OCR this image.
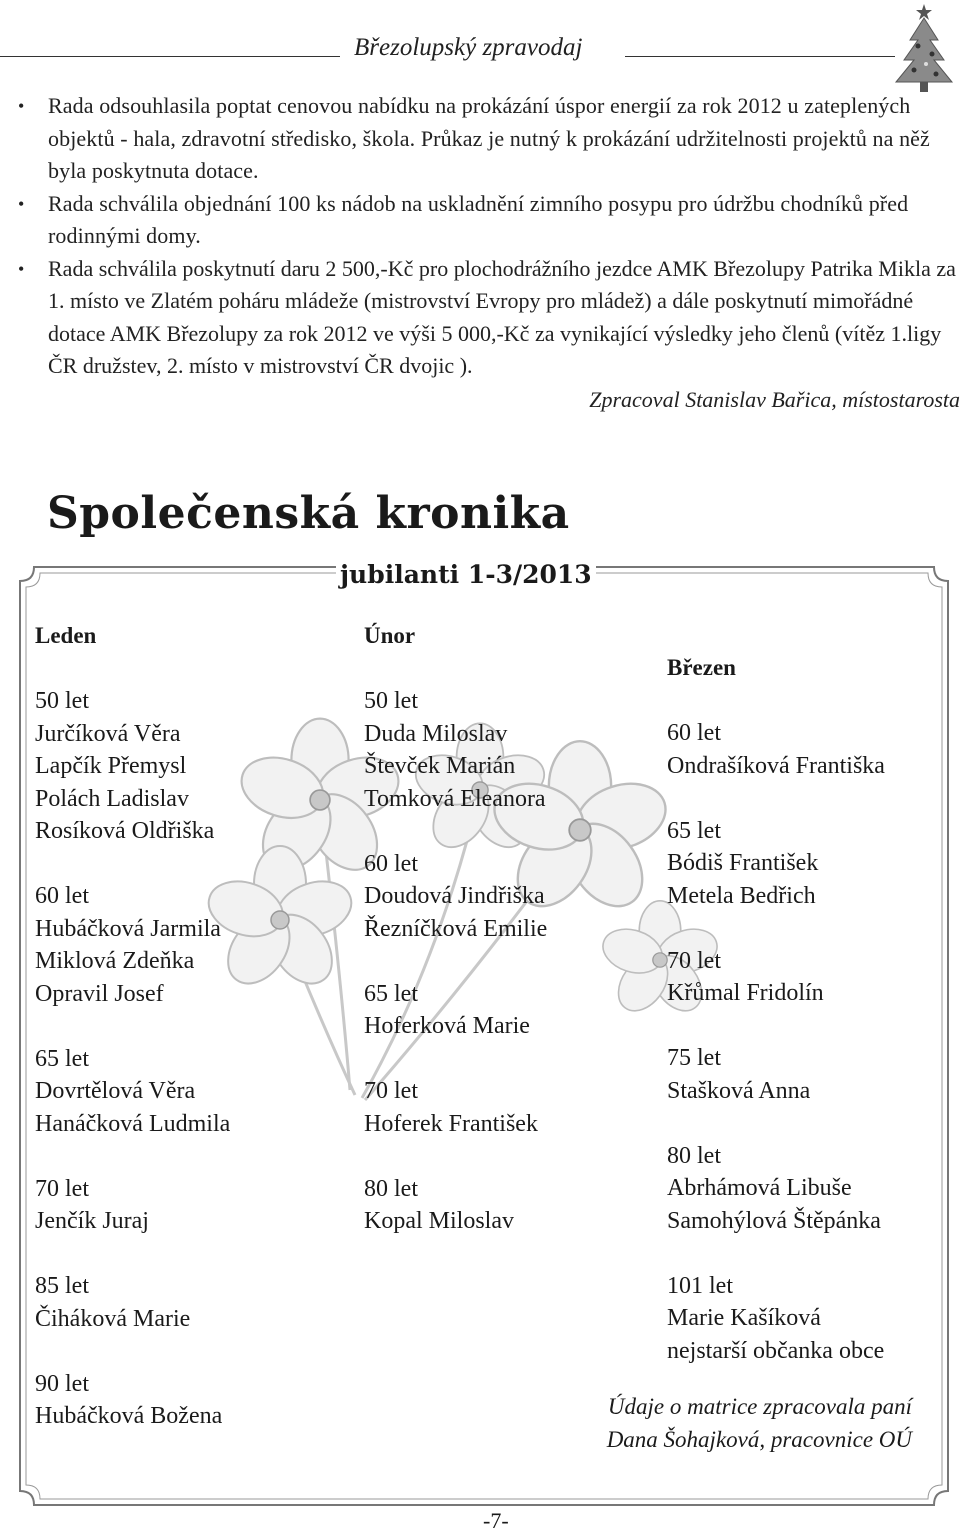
Březolupský zpravodaj
• Rada odsouhlasila poptat cenovou nabídku na prokázání úspor energií za rok 2012 u zateplených objektů - hala, zdravotní středisko, škola. Průkaz je nutný k prokázání udržitelnosti projektů na něž byla poskytnuta dotace.
• Rada schválila objednání 100 ks nádob na uskladnění zimního posypu pro údržbu chodníků před rodinnými domy.
• Rada schválila poskytnutí daru 2 500,-Kč pro plochodrážního jezdce AMK Březolupy Patrika Mikla za 1. místo ve Zlatém poháru mládeže (mistrovství Evropy pro mládež) a dále poskytnutí mimořádné dotace AMK Březolupy za rok 2012 ve výši 5 000,-Kč za vynikající výsledky jeho členů (vítěz 1.ligy ČR družstev, 2. místo v mistrovství ČR dvojic ).
Zpracoval Stanislav Bařica, místostarosta
Společenská kronika
jubilanti 1-3/2013
Leden
50 let
Jurčíková Věra
Lapčík Přemysl
Polách Ladislav
Rosíková Oldřiška
60 let
Hubáčková Jarmila
Miklová Zdeňka
Opravil Josef
65 let
Dovrtělová Věra
Hanáčková Ludmila
70 let
Jenčík Juraj
85 let
Čiháková Marie
90 let
Hubáčková Božena
Únor
50 let
Duda Miloslav
Števček Marián
Tomková Eleanora
60 let
Doudová Jindřiška
Řezníčková Emilie
65 let
Hoferková Marie
70 let
Hoferek František
80 let
Kopal Miloslav
Březen
60 let
Ondrašíková Františka
65 let
Bódiš František
Metela Bedřich
70 let
Křůmal Fridolín
75 let
Stašková Anna
80 let
Abrhámová Libuše
Samohýlová Štěpánka
101 let
Marie Kašíková
nejstarší občanka obce
Údaje o matrice zpracovala paní
Dana Šohajková, pracovnice OÚ
-7-
